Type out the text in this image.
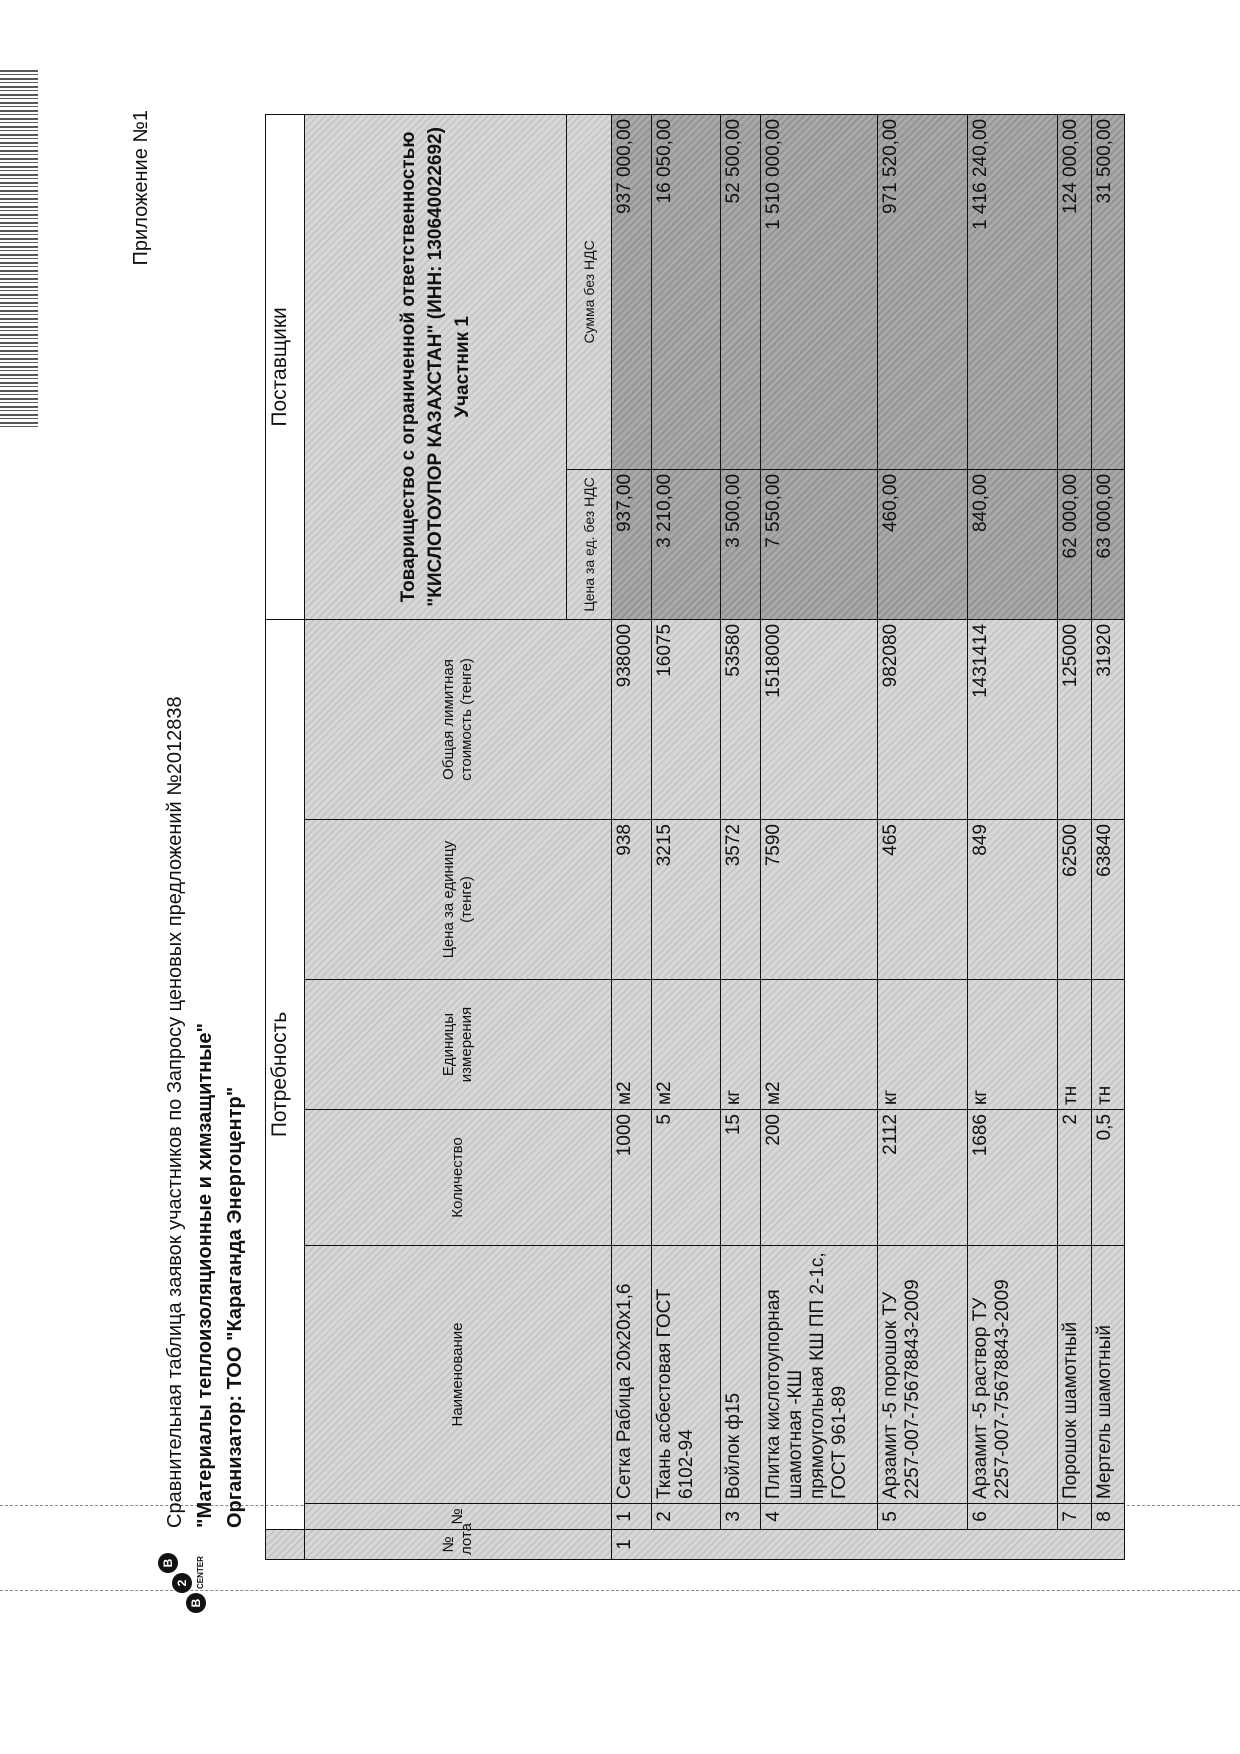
Приложение №1
B
2
B	CENTER
Сравнительная таблица заявок участников по Запросу ценовых предложений №2012838 "Материалы теплоизоляционные и химзащитные" Организатор: ТОО "Караганда Энергоцентр"
	Потребность						Поставщики	
№ лота	№	Наименование	Количество	Единицы измерения	Цена за единицу (тенге)	Общая лимитная стоимость (тенге)	Товарищество с ограниченной ответственностью "КИСЛОТОУПОР КАЗАХСТАН" (ИНН: 130640022692) Участник 1	
							Цена за ед. без НДС	Сумма без НДС
1	1	Сетка Рабица 20х20х1,6	1000	м2	938	938000	937,00	937 000,00
	2	Ткань асбестовая ГОСТ 6102-94	5	м2	3215	16075	3 210,00	16 050,00
	3	Войлок ф15	15	кг	3572	53580	3 500,00	52 500,00
	4	Плитка кислотоупорная шамотная -КШ прямоугольная КШ ПП 2-1с, ГОСТ 961-89	200	м2	7590	1518000	7 550,00	1 510 000,00
	5	Арзамит -5 порошок ТУ 2257-007-75678843-2009	2112	кг	465	982080	460,00	971 520,00
	6	Арзамит -5 раствор ТУ 2257-007-75678843-2009	1686	кг	849	1431414	840,00	1 416 240,00
	7	Порошок шамотный	2	тн	62500	125000	62 000,00	124 000,00
	8	Мертель шамотный	0,5	тн	63840	31920	63 000,00	31 500,00
